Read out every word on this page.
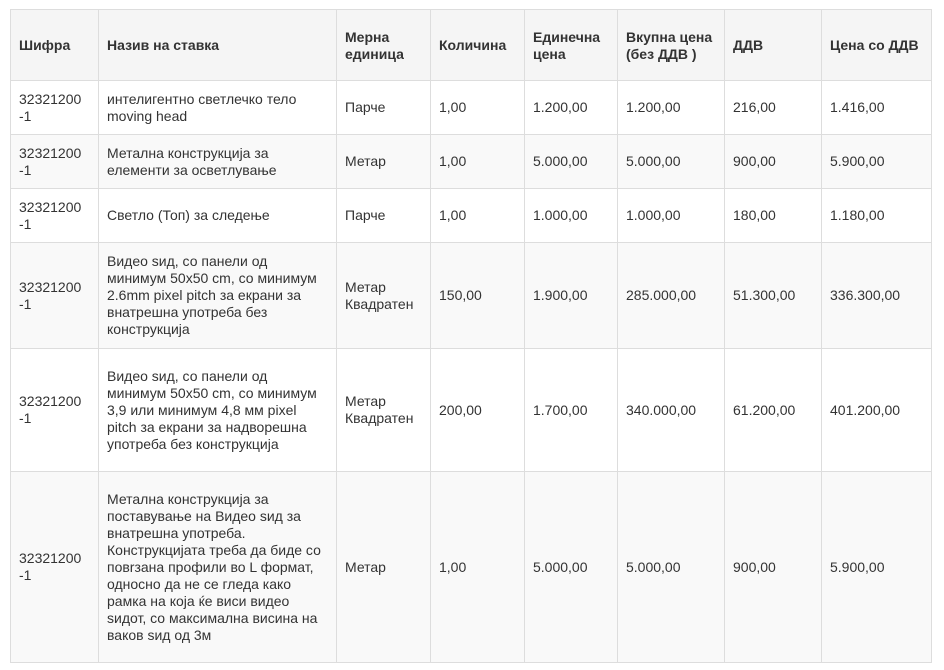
Шифра	Назив на ставка	Мерна единица	Количина	Единечна цена	Вкупна цена (без ДДВ )	ДДВ	Цена со ДДВ

32321200
-1	интелигентно светлечко тело moving head	Парче	1,00	1.200,00	1.200,00	216,00	1.416,00

32321200
-1	Метална конструкција за елементи за осветлување	Метар	1,00	5.000,00	5.000,00	900,00	5.900,00

32321200
-1	Светло (Топ) за следење	Парче	1,00	1.000,00	1.000,00	180,00	1.180,00

32321200
-1	Видео ѕид, со панели од минимум 50x50 cm, со минимум 2.6mm pixel pitch за екрани за внатрешна употреба без конструкција	Метар
Квадратен	150,00	1.900,00	285.000,00	51.300,00	336.300,00

32321200
-1	Видео ѕид, со панели од минимум 50x50 cm, со минимум 3,9 или минимум 4,8 мм pixel pitch за екрани за надворешна употреба без конструкција	Метар
Квадратен	200,00	1.700,00	340.000,00	61.200,00	401.200,00

32321200
-1	Метална конструкција за поставување на Видео ѕид за внатрешна употреба. Конструкцијата треба да биде со повrзана профили во L формат, односно да не се гледа како рамка на која ќе виси видео ѕидот, со максимална висина на ваков ѕид од 3м	Метар	1,00	5.000,00	5.000,00	900,00	5.900,00
